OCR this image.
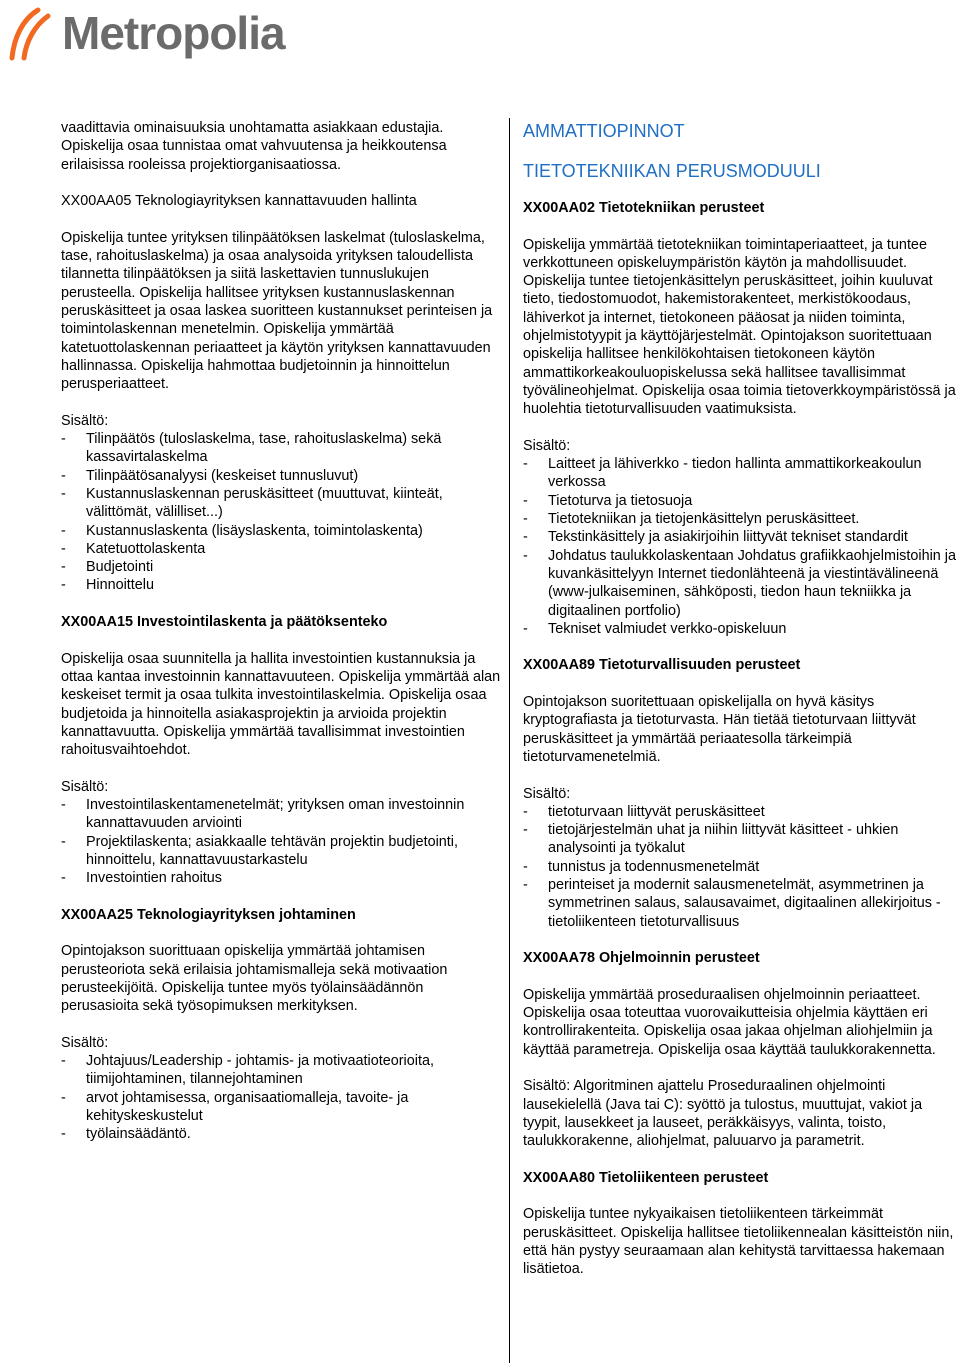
Metropolia

vaadittavia ominaisuuksia unohtamatta asiakkaan edustajia. Opiskelija osaa tunnistaa omat vahvuutensa ja heikkoutensa erilaisissa rooleissa projektiorganisaatiossa.

XX00AA05 Teknologiayrityksen kannattavuuden hallinta

Opiskelija tuntee yrityksen tilinpäätöksen laskelmat (tuloslaskelma, tase, rahoituslaskelma) ja osaa analysoida yrityksen taloudellista tilannetta tilinpäätöksen ja siitä laskettavien tunnuslukujen perusteella. Opiskelija hallitsee yrityksen kustannuslaskennan peruskäsitteet ja osaa laskea suoritteen kustannukset perinteisen ja toimintolaskennan menetelmin. Opiskelija ymmärtää katetuottolaskennan periaatteet ja käytön yrityksen kannattavuuden hallinnassa. Opiskelija hahmottaa budjetoinnin ja hinnoittelun perusperiaatteet.

Sisältö:

- Tilinpäätös (tuloslaskelma, tase, rahoituslaskelma) sekä kassavirtalaskelma
- Tilinpäätösanalyysi (keskeiset tunnusluvut)
- Kustannuslaskennan peruskäsitteet (muuttuvat, kiinteät, välittömät, välilliset...)
- Kustannuslaskenta (lisäyslaskenta, toimintolaskenta)
- Katetuottolaskenta
- Budjetointi
- Hinnoittelu

XX00AA15 Investointilaskenta ja päätöksenteko

Opiskelija osaa suunnitella ja hallita investointien kustannuksia ja ottaa kantaa investoinnin kannattavuuteen. Opiskelija ymmärtää alan keskeiset termit ja osaa tulkita investointilaskelmia. Opiskelija osaa budjetoida ja hinnoitella asiakasprojektin ja arvioida projektin kannattavuutta. Opiskelija ymmärtää tavallisimmat investointien rahoitusvaihtoehdot.

Sisältö:

- Investointilaskentamenetelmät; yrityksen oman investoinnin kannattavuuden arviointi
- Projektilaskenta; asiakkaalle tehtävän projektin budjetointi, hinnoittelu, kannattavuustarkastelu
- Investointien rahoitus

XX00AA25 Teknologiayrityksen johtaminen

Opintojakson suorittuaan opiskelija ymmärtää johtamisen perusteoriota sekä erilaisia johtamismalleja sekä motivaation perusteekijöitä. Opiskelija tuntee myös työlainsäädännön perusasioita sekä työsopimuksen merkityksen.

Sisältö:

- Johtajuus/Leadership - johtamis- ja motivaatioteorioita, tiimijohtaminen, tilannejohtaminen
- arvot johtamisessa, organisaatiomalleja, tavoite- ja kehityskeskustelut
- työlainsäädäntö.

AMMATTIOPINNOT

TIETOTEKNIIKAN PERUSMODUULI

XX00AA02 Tietotekniikan perusteet

Opiskelija ymmärtää tietotekniikan toimintaperiaatteet, ja tuntee verkkottuneen opiskeluympäristön käytön ja mahdollisuudet. Opiskelija tuntee tietojenkäsittelyn peruskäsitteet, joihin kuuluvat tieto, tiedostomuodot, hakemistorakenteet, merkistökoodaus, lähiverkot ja internet, tietokoneen pääosat ja niiden toiminta, ohjelmistotyypit ja käyttöjärjestelmät. Opintojakson suoritettuaan opiskelija hallitsee henkilökohtaisen tietokoneen käytön ammattikorkeakouluopiskelussa sekä hallitsee tavallisimmat työvälineohjelmat. Opiskelija osaa toimia tietoverkkoympäristössä ja huolehtia tietoturvallisuuden vaatimuksista.

Sisältö:

- Laitteet ja lähiverkko - tiedon hallinta ammattikorkeakoulun verkossa
- Tietoturva ja tietosuoja
- Tietotekniikan ja tietojenkäsittelyn peruskäsitteet.
- Tekstinkäsittely ja asiakirjoihin liittyvät tekniset standardit
- Johdatus taulukkolaskentaan Johdatus grafiikkaohjelmistoihin ja kuvankäsittelyyn Internet tiedonlähteenä ja viestintävälineenä (www-julkaiseminen, sähköposti, tiedon haun tekniikka ja digitaalinen portfolio)
- Tekniset valmiudet verkko-opiskeluun

XX00AA89 Tietoturvallisuuden perusteet

Opintojakson suoritettuaan opiskelijalla on hyvä käsitys kryptografiasta ja tietoturvasta. Hän tietää tietoturvaan liittyvät peruskäsitteet ja ymmärtää periaatesolla tärkeimpiä tietoturvamenetelmiä.

Sisältö:

- tietoturvaan liittyvät peruskäsitteet
- tietojärjestelmän uhat ja niihin liittyvät käsitteet - uhkien analysointi ja työkalut
- tunnistus ja todennusmenetelmät
- perinteiset ja modernit salausmenetelmät, asymmetrinen ja symmetrinen salaus, salausavaimet, digitaalinen allekirjoitus - tietoliikenteen tietoturvallisuus

XX00AA78 Ohjelmoinnin perusteet

Opiskelija ymmärtää proseduraalisen ohjelmoinnin periaatteet. Opiskelija osaa toteuttaa vuorovaikutteisia ohjelmia käyttäen eri kontrollirakenteita. Opiskelija osaa jakaa ohjelman aliohjelmiin ja käyttää parametreja. Opiskelija osaa käyttää taulukkorakennetta.

Sisältö: Algoritminen ajattelu Prosedurаalinen ohjelmointi lausekielellä (Java tai C): syöttö ja tulostus, muuttujat, vakiot ja tyypit, lausekkeet ja lauseet, peräkkäisyys, valinta, toisto, taulukkorakenne, aliohjelmat, paluuarvo ja parametrit.

XX00AA80 Tietoliikenteen perusteet

Opiskelija tuntee nykyaikaisen tietoliikenteen tärkeimmät peruskäsitteet. Opiskelija hallitsee tietoliikennealan käsitteistön niin, että hän pystyy seuraamaan alan kehitystä tarvittaessa hakemaan lisätietoa.
